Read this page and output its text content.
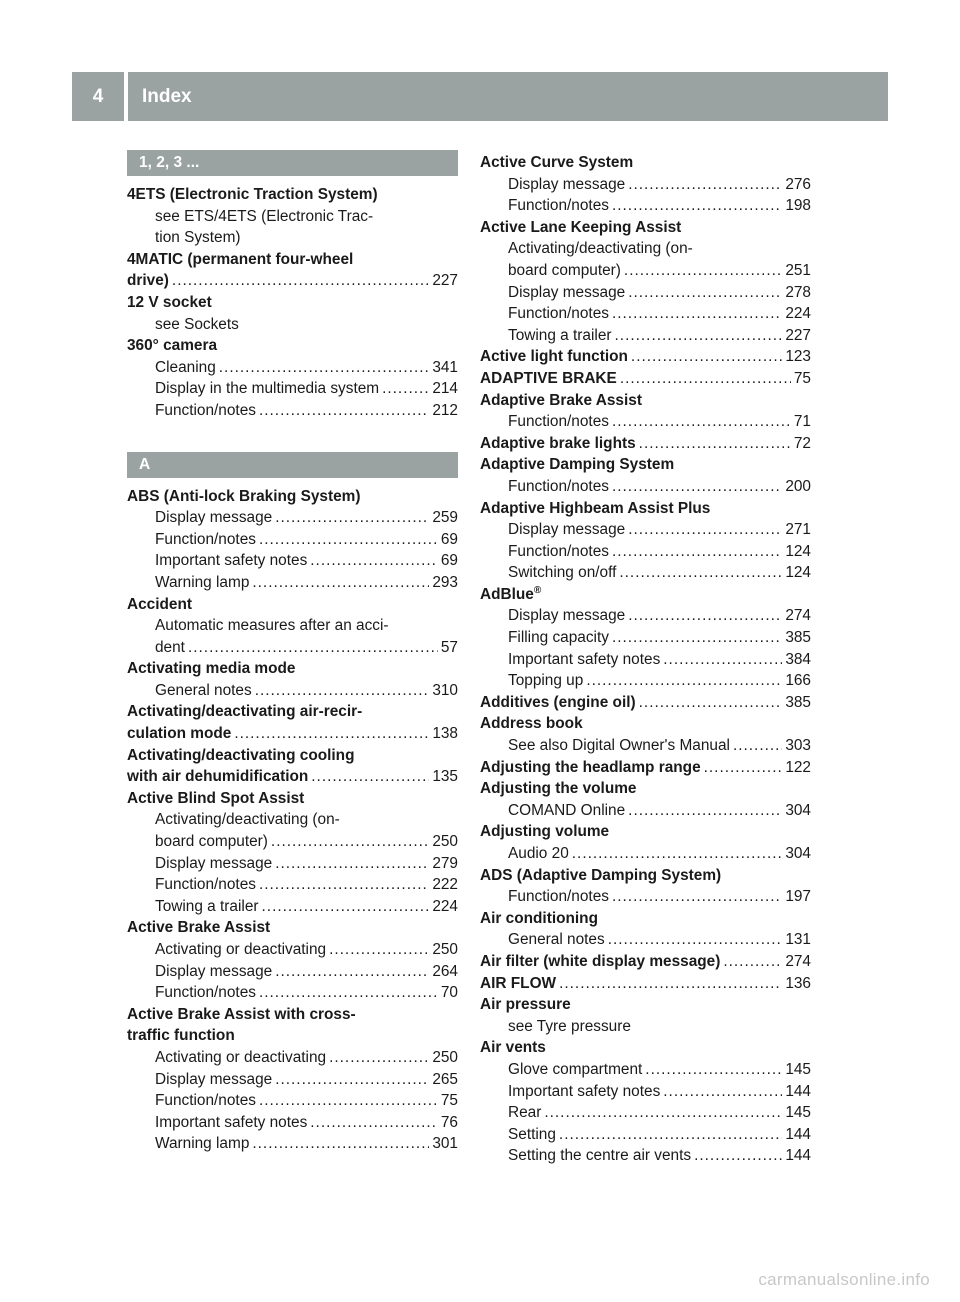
4	Index
1, 2, 3 ...
4ETS (Electronic Traction System)
see ETS/4ETS (Electronic Trac-
tion System)
4MATIC (permanent four-wheel
drive) .....	227
12 V socket
see Sockets
360° camera
Cleaning .....	341
Display in the multimedia system .....	214
Function/notes .....	212
A
ABS (Anti-lock Braking System)
Display message .....	259
Function/notes .....	69
Important safety notes .....	69
Warning lamp .....	293
Accident
Automatic measures after an acci-
dent .....	57
Activating media mode
General notes .....	310
Activating/deactivating air-recir-
culation mode .....	138
Activating/deactivating cooling
with air dehumidification .....	135
Active Blind Spot Assist
Activating/deactivating (on-
board computer) .....	250
Display message .....	279
Function/notes .....	222
Towing a trailer .....	224
Active Brake Assist
Activating or deactivating .....	250
Display message .....	264
Function/notes .....	70
Active Brake Assist with cross-
traffic function
Activating or deactivating .....	250
Display message .....	265
Function/notes .....	75
Important safety notes .....	76
Warning lamp .....	301
Active Curve System
Display message .....	276
Function/notes .....	198
Active Lane Keeping Assist
Activating/deactivating (on-
board computer) .....	251
Display message .....	278
Function/notes .....	224
Towing a trailer .....	227
Active light function .....	123
ADAPTIVE BRAKE .....	75
Adaptive Brake Assist
Function/notes .....	71
Adaptive brake lights .....	72
Adaptive Damping System
Function/notes .....	200
Adaptive Highbeam Assist Plus
Display message .....	271
Function/notes .....	124
Switching on/off .....	124
AdBlue®
Display message .....	274
Filling capacity .....	385
Important safety notes .....	384
Topping up .....	166
Additives (engine oil) .....	385
Address book
See also Digital Owner's Manual .....	303
Adjusting the headlamp range .....	122
Adjusting the volume
COMAND Online .....	304
Adjusting volume
Audio 20 .....	304
ADS (Adaptive Damping System)
Function/notes .....	197
Air conditioning
General notes .....	131
Air filter (white display message) .....	274
AIR FLOW .....	136
Air pressure
see Tyre pressure
Air vents
Glove compartment .....	145
Important safety notes .....	144
Rear .....	145
Setting .....	144
Setting the centre air vents .....	144
carmanualsonline.info
